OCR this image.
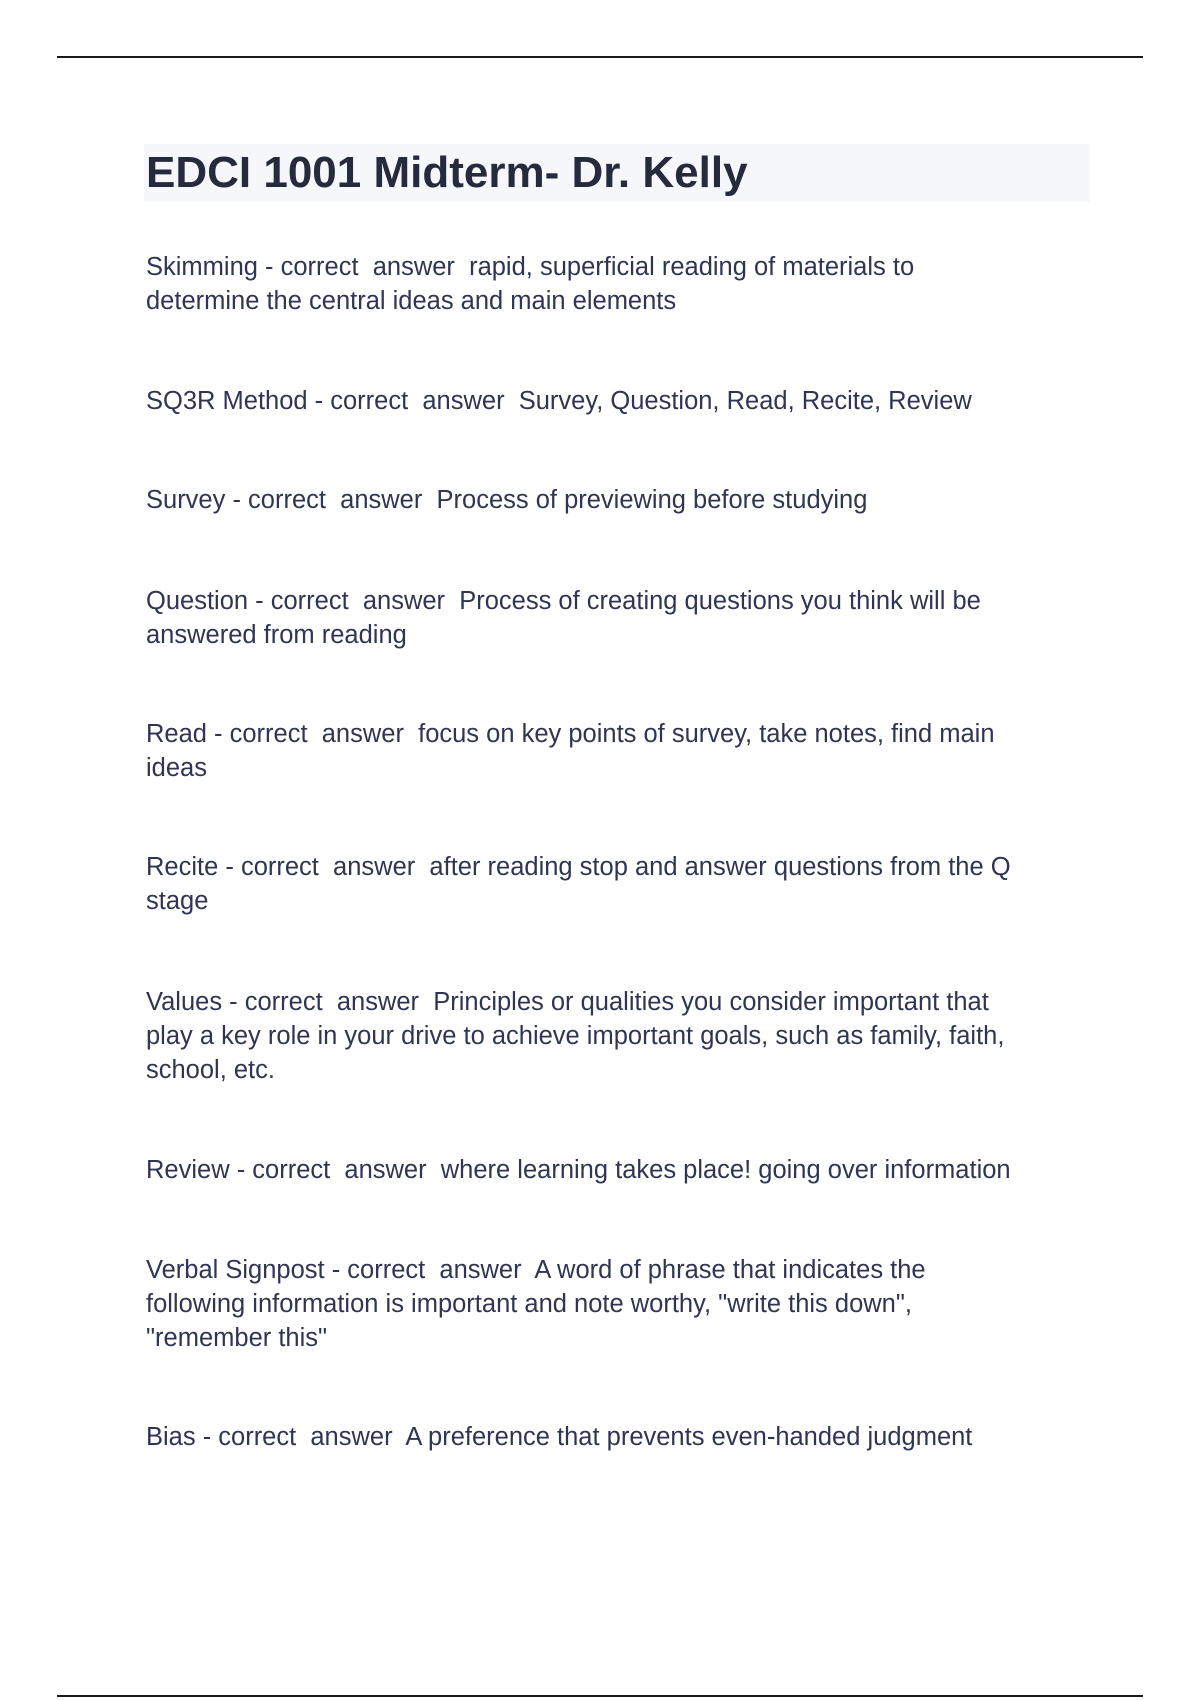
EDCI 1001 Midterm- Dr. Kelly

Skimming - correct  answer  rapid, superficial reading of materials to
determine the central ideas and main elements

SQ3R Method - correct  answer  Survey, Question, Read, Recite, Review

Survey - correct  answer  Process of previewing before studying

Question - correct  answer  Process of creating questions you think will be
answered from reading

Read - correct  answer  focus on key points of survey, take notes, find main
ideas

Recite - correct  answer  after reading stop and answer questions from the Q
stage

Values - correct  answer  Principles or qualities you consider important that
play a key role in your drive to achieve important goals, such as family, faith,
school, etc.

Review - correct  answer  where learning takes place! going over information

Verbal Signpost - correct  answer  A word of phrase that indicates the
following information is important and note worthy, "write this down",
"remember this"

Bias - correct  answer  A preference that prevents even-handed judgment
